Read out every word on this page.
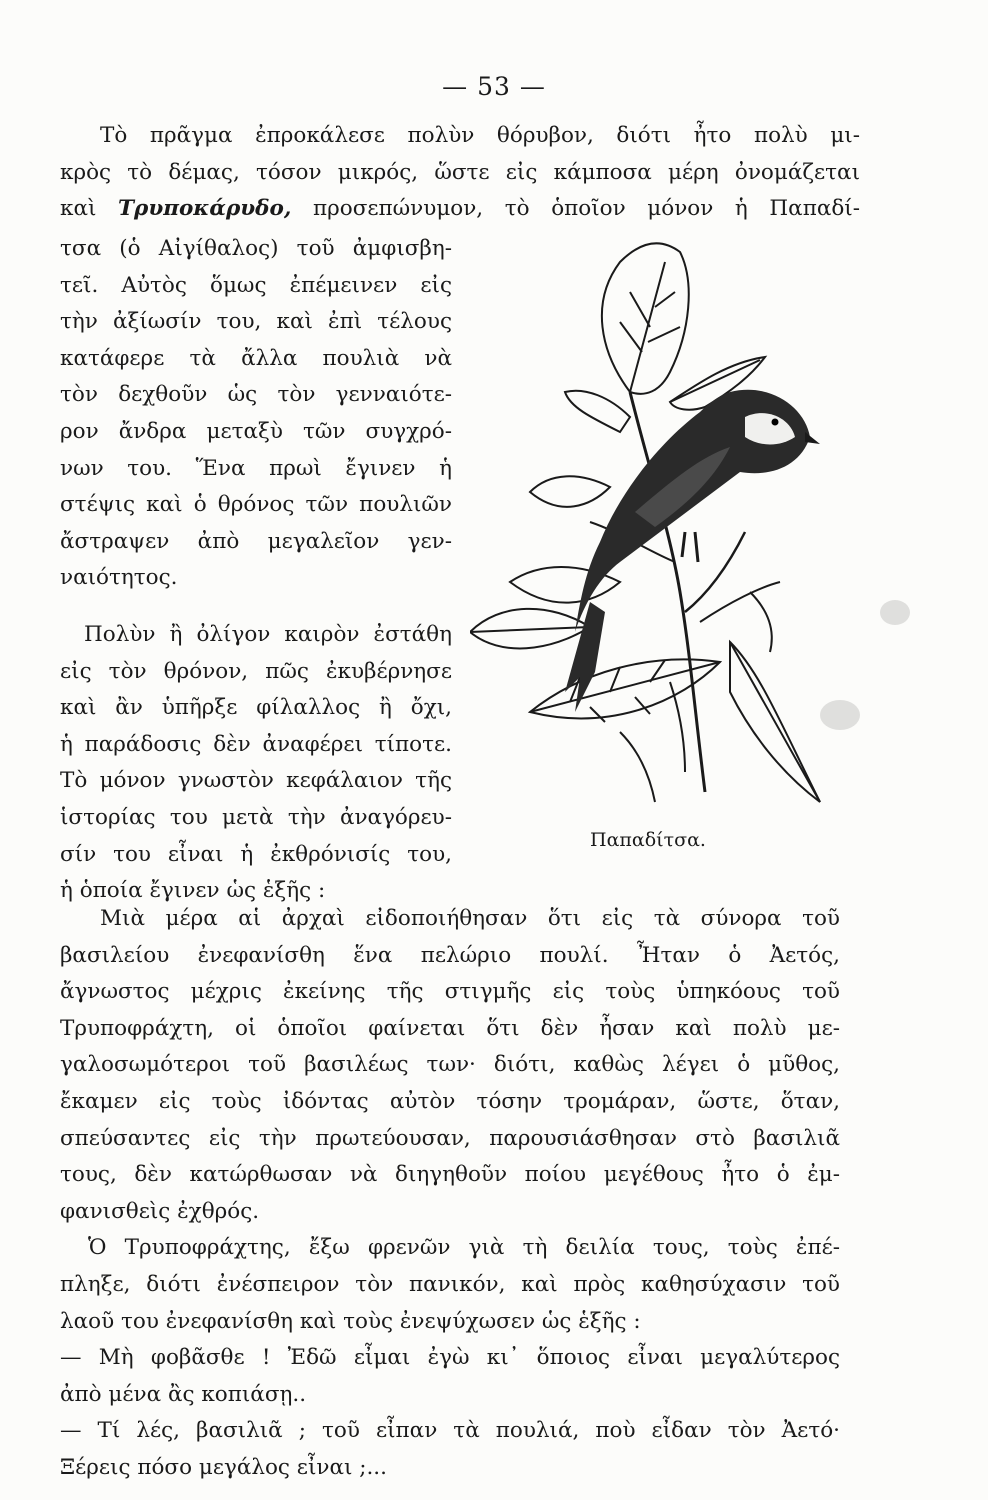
— 53 —
Τὸ πρᾶγμα ἐπροκάλεσε πολὺν θόρυβον, διότι ἦτο πολὺ μι-
κρὸς τὸ δέμας, τόσον μικρός, ὥστε εἰς κάμποσα μέρη ὀνομάζεται
καὶ Τρυποκάρυδο, προσεπώνυμον, τὸ ὁποῖον μόνον ἡ Παπαδί-
τσα (ὁ Αἰγίθαλος) τοῦ ἀμφισβη-
τεῖ. Αὐτὸς ὅμως ἐπέμεινεν εἰς
τὴν ἀξίωσίν του, καὶ ἐπὶ τέλους
κατάφερε τὰ ἄλλα πουλιὰ νὰ
τὸν δεχθοῦν ὡς τὸν γενναιότε-
ρον ἄνδρα μεταξὺ τῶν συγχρό-
νων του. Ἕνα πρωὶ ἔγινεν ἡ
στέψις καὶ ὁ θρόνος τῶν πουλιῶν
ἄστραψεν ἀπὸ μεγαλεῖον γεν-
ναιότητος.
Πολὺν ἢ ὀλίγον καιρὸν ἐστάθη
εἰς τὸν θρόνον, πῶς ἐκυβέρνησε
καὶ ἂν ὑπῆρξε φίλαλλος ἢ ὄχι,
ἡ παράδοσις δὲν ἀναφέρει τίποτε.
Τὸ μόνον γνωστὸν κεφάλαιον τῆς
ἱστορίας του μετὰ τὴν ἀναγόρευ-
σίν του εἶναι ἡ ἐκθρόνισίς του,
ἡ ὁποία ἔγινεν ὡς ἑξῆς :
Παπαδίτσα.
Μιὰ μέρα αἱ ἀρχαὶ εἰδοποιήθησαν ὅτι εἰς τὰ σύνορα τοῦ
βασιλείου ἐνεφανίσθη ἕνα πελώριο πουλί. Ἦταν ὁ Ἀετός,
ἄγνωστος μέχρις ἐκείνης τῆς στιγμῆς εἰς τοὺς ὑπηκόους τοῦ
Τρυποφράχτη, οἱ ὁποῖοι φαίνεται ὅτι δὲν ἦσαν καὶ πολὺ με-
γαλοσωμότεροι τοῦ βασιλέως των· διότι, καθὼς λέγει ὁ μῦθος,
ἔκαμεν εἰς τοὺς ἰδόντας αὐτὸν τόσην τρομάραν, ὥστε, ὅταν,
σπεύσαντες εἰς τὴν πρωτεύουσαν, παρουσιάσθησαν στὸ βασιλιᾶ
τους, δὲν κατώρθωσαν νὰ διηγηθοῦν ποίου μεγέθους ἦτο ὁ ἐμ-
φανισθεὶς ἐχθρός.
Ὁ Τρυποφράχτης, ἔξω φρενῶν γιὰ τὴ δειλία τους, τοὺς ἐπέ-
πληξε, διότι ἐνέσπειρον τὸν πανικόν, καὶ πρὸς καθησύχασιν τοῦ
λαοῦ του ἐνεφανίσθη καὶ τοὺς ἐνεψύχωσεν ὡς ἑξῆς :
— Μὴ φοβᾶσθε ! Ἐδῶ εἶμαι ἐγὼ κι᾽ ὅποιος εἶναι μεγαλύτερος
ἀπὸ μένα ἂς κοπιάσῃ..
— Τί λές, βασιλιᾶ ; τοῦ εἶπαν τὰ πουλιά, ποὺ εἶδαν τὸν Ἀετό·
Ξέρεις πόσο μεγάλος εἶναι ;...
